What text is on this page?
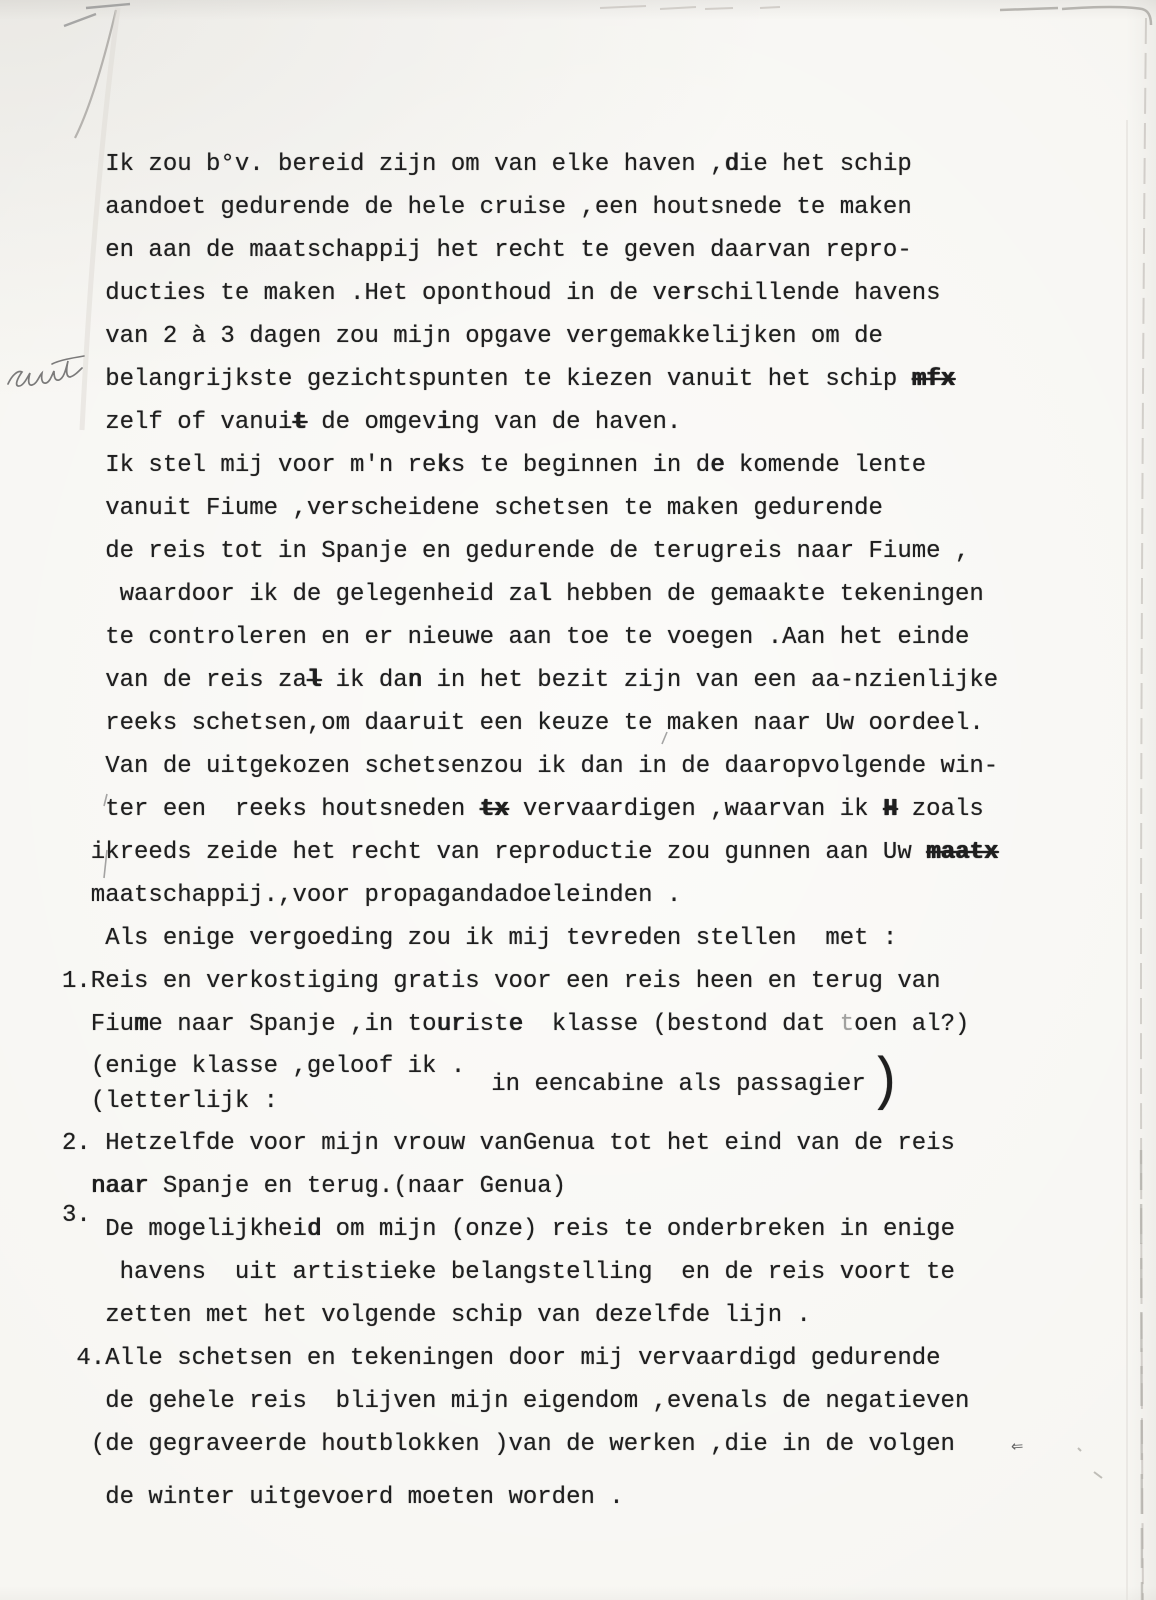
Ik zou b°v. bereid zijn om van elke haven ,die het schip
aandoet gedurende de hele cruise ,een houtsnede te maken
en aan de maatschappij het recht te geven daarvan repro-
ducties te maken .Het oponthoud in de verschillende havens
van 2 à 3 dagen zou mijn opgave vergemakkelijken om de
belangrijkste gezichtspunten te kiezen vanuit het schip mfx
zelf of vanuit de omgeving van de haven.
Ik stel mij voor m'n reks te beginnen in de komende lente
vanuit Fiume ,verscheidene schetsen te maken gedurende
de reis tot in Spanje en gedurende de terugreis naar Fiume ,
waardoor ik de gelegenheid zal hebben de gemaakte tekeningen
te controleren en er nieuwe aan toe te voegen .Aan het einde
van de reis zal ik dan in het bezit zijn van een aa-nzienlijke
reeks schetsen,om daaruit een keuze te maken naar Uw oordeel.
Van de uitgekozen schetsenzou ik dan in de daaropvolgende win-
ter een  reeks houtsneden tx vervaardigen ,waarvan ik H zoals
ikreeds zeide het recht van reproductie zou gunnen aan Uw maatx
maatschappij.,voor propagandadoeleinden .
Als enige vergoeding zou ik mij tevreden stellen  met :
1.Reis en verkostiging gratis voor een reis heen en terug van
Fiume naar Spanje ,in touriste  klasse (bestond dat toen al?)
(enige klasse ,geloof ik .
(letterlijk :
in eencabine als passagier )
2. Hetzelfde voor mijn vrouw vanGenua tot het eind van de reis
naar Spanje en terug.(naar Genua)
3. De mogelijkheid om mijn (onze) reis te onderbreken in enige
havens  uit artistieke belangstelling  en de reis voort te
zetten met het volgende schip van dezelfde lijn .
4.Alle schetsen en tekeningen door mij vervaardigd gedurende
de gehele reis  blijven mijn eigendom ,evenals de negatieven
(de gegraveerde houtblokken )van de werken ,die in de volgen	⇐
de winter uitgevoerd moeten worden .
